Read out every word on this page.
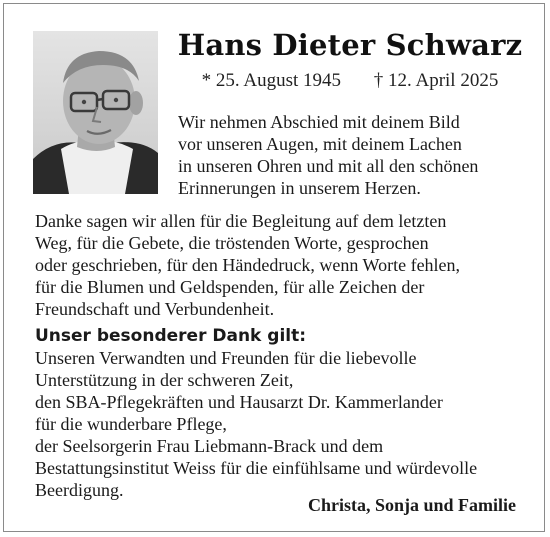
Hans Dieter Schwarz
* 25. August 1945 † 12. April 2025
Wir nehmen Abschied mit deinem Bild
vor unseren Augen, mit deinem Lachen
in unseren Ohren und mit all den schönen
Erinnerungen in unserem Herzen.
Danke sagen wir allen für die Begleitung auf dem letzten
Weg, für die Gebete, die tröstenden Worte, gesprochen
oder geschrieben, für den Händedruck, wenn Worte fehlen,
für die Blumen und Geldspenden, für alle Zeichen der
Freundschaft und Verbundenheit.
Unser besonderer Dank gilt:
Unseren Verwandten und Freunden für die liebevolle
Unterstützung in der schweren Zeit,
den SBA-Pflegekräften und Hausarzt Dr. Kammerlander
für die wunderbare Pflege,
der Seelsorgerin Frau Liebmann-Brack und dem
Bestattungsinstitut Weiss für die einfühlsame und würdevolle
Beerdigung.
Christa, Sonja und Familie
